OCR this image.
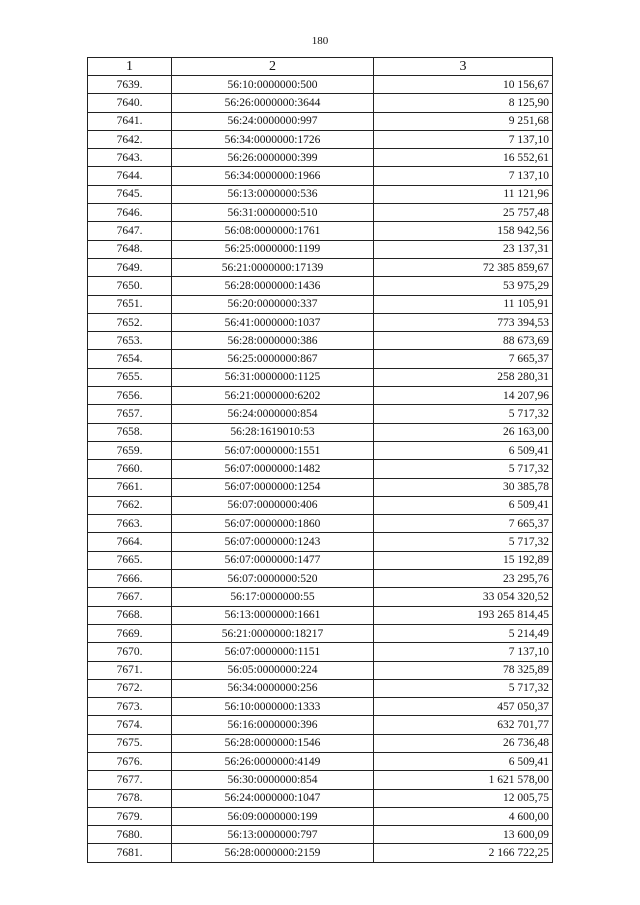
180
1	2	3
7639.	56:10:0000000:500	10 156,67
7640.	56:26:0000000:3644	8 125,90
7641.	56:24:0000000:997	9 251,68
7642.	56:34:0000000:1726	7 137,10
7643.	56:26:0000000:399	16 552,61
7644.	56:34:0000000:1966	7 137,10
7645.	56:13:0000000:536	11 121,96
7646.	56:31:0000000:510	25 757,48
7647.	56:08:0000000:1761	158 942,56
7648.	56:25:0000000:1199	23 137,31
7649.	56:21:0000000:17139	72 385 859,67
7650.	56:28:0000000:1436	53 975,29
7651.	56:20:0000000:337	11 105,91
7652.	56:41:0000000:1037	773 394,53
7653.	56:28:0000000:386	88 673,69
7654.	56:25:0000000:867	7 665,37
7655.	56:31:0000000:1125	258 280,31
7656.	56:21:0000000:6202	14 207,96
7657.	56:24:0000000:854	5 717,32
7658.	56:28:1619010:53	26 163,00
7659.	56:07:0000000:1551	6 509,41
7660.	56:07:0000000:1482	5 717,32
7661.	56:07:0000000:1254	30 385,78
7662.	56:07:0000000:406	6 509,41
7663.	56:07:0000000:1860	7 665,37
7664.	56:07:0000000:1243	5 717,32
7665.	56:07:0000000:1477	15 192,89
7666.	56:07:0000000:520	23 295,76
7667.	56:17:0000000:55	33 054 320,52
7668.	56:13:0000000:1661	193 265 814,45
7669.	56:21:0000000:18217	5 214,49
7670.	56:07:0000000:1151	7 137,10
7671.	56:05:0000000:224	78 325,89
7672.	56:34:0000000:256	5 717,32
7673.	56:10:0000000:1333	457 050,37
7674.	56:16:0000000:396	632 701,77
7675.	56:28:0000000:1546	26 736,48
7676.	56:26:0000000:4149	6 509,41
7677.	56:30:0000000:854	1 621 578,00
7678.	56:24:0000000:1047	12 005,75
7679.	56:09:0000000:199	4 600,00
7680.	56:13:0000000:797	13 600,09
7681.	56:28:0000000:2159	2 166 722,25
